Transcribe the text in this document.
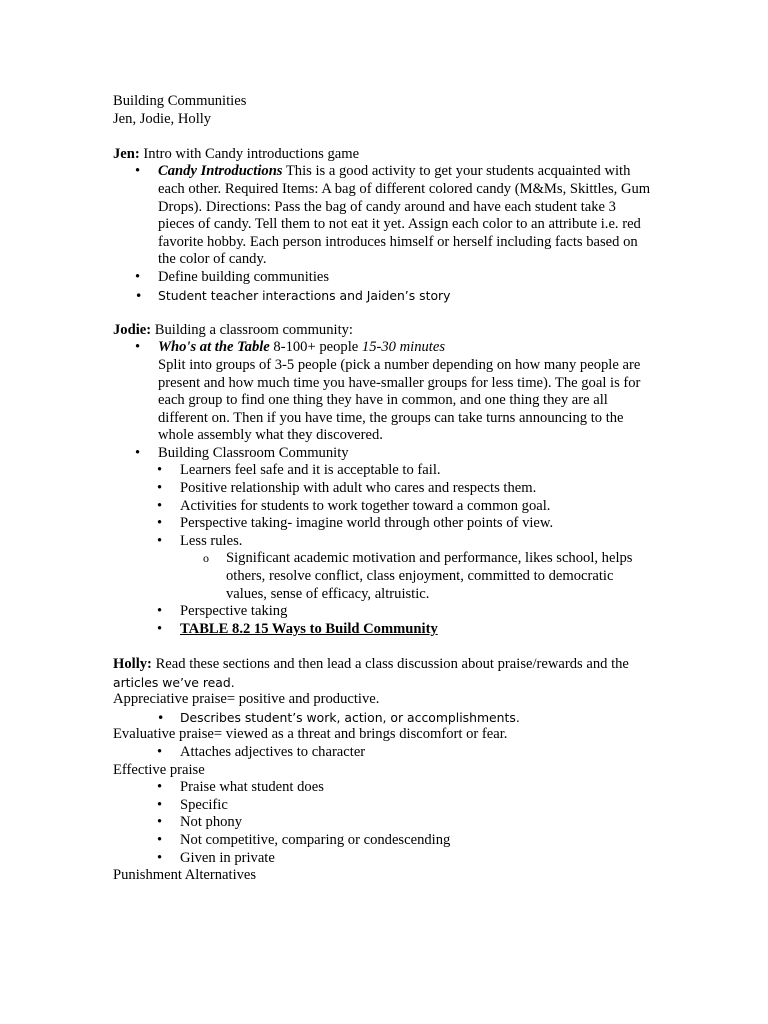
Building Communities

Jen, Jodie, Holly

Jen: Intro with Candy introductions game

• Candy Introductions This is a good activity to get your students acquainted with each other. Required Items: A bag of different colored candy (M&Ms, Skittles, Gum Drops). Directions: Pass the bag of candy around and have each student take 3 pieces of candy. Tell them to not eat it yet. Assign each color to an attribute i.e. red favorite hobby. Each person introduces himself or herself including facts based on the color of candy.
• Define building communities
• Student teacher interactions and Jaiden’s story

Jodie: Building a classroom community:

• Who's at the Table 8-100+ people 15-30 minutes
Split into groups of 3-5 people (pick a number depending on how many people are present and how much time you have-smaller groups for less time). The goal is for each group to find one thing they have in common, and one thing they are all different on. Then if you have time, the groups can take turns announcing to the whole assembly what they discovered.
• Building Classroom Community
• Learners feel safe and it is acceptable to fail.
• Positive relationship with adult who cares and respects them.
• Activities for students to work together toward a common goal.
• Perspective taking- imagine world through other points of view.
• Less rules.
o Significant academic motivation and performance, likes school, helps others, resolve conflict, class enjoyment, committed to democratic values, sense of efficacy, altruistic.
• Perspective taking
• TABLE 8.2 15 Ways to Build Community

Holly: Read these sections and then lead a class discussion about praise/rewards and the

articles we’ve read.

Appreciative praise= positive and productive.

• Describes student’s work, action, or accomplishments.

Evaluative praise= viewed as a threat and brings discomfort or fear.

• Attaches adjectives to character

Effective praise

• Praise what student does
• Specific
• Not phony
• Not competitive, comparing or condescending
• Given in private

Punishment Alternatives
